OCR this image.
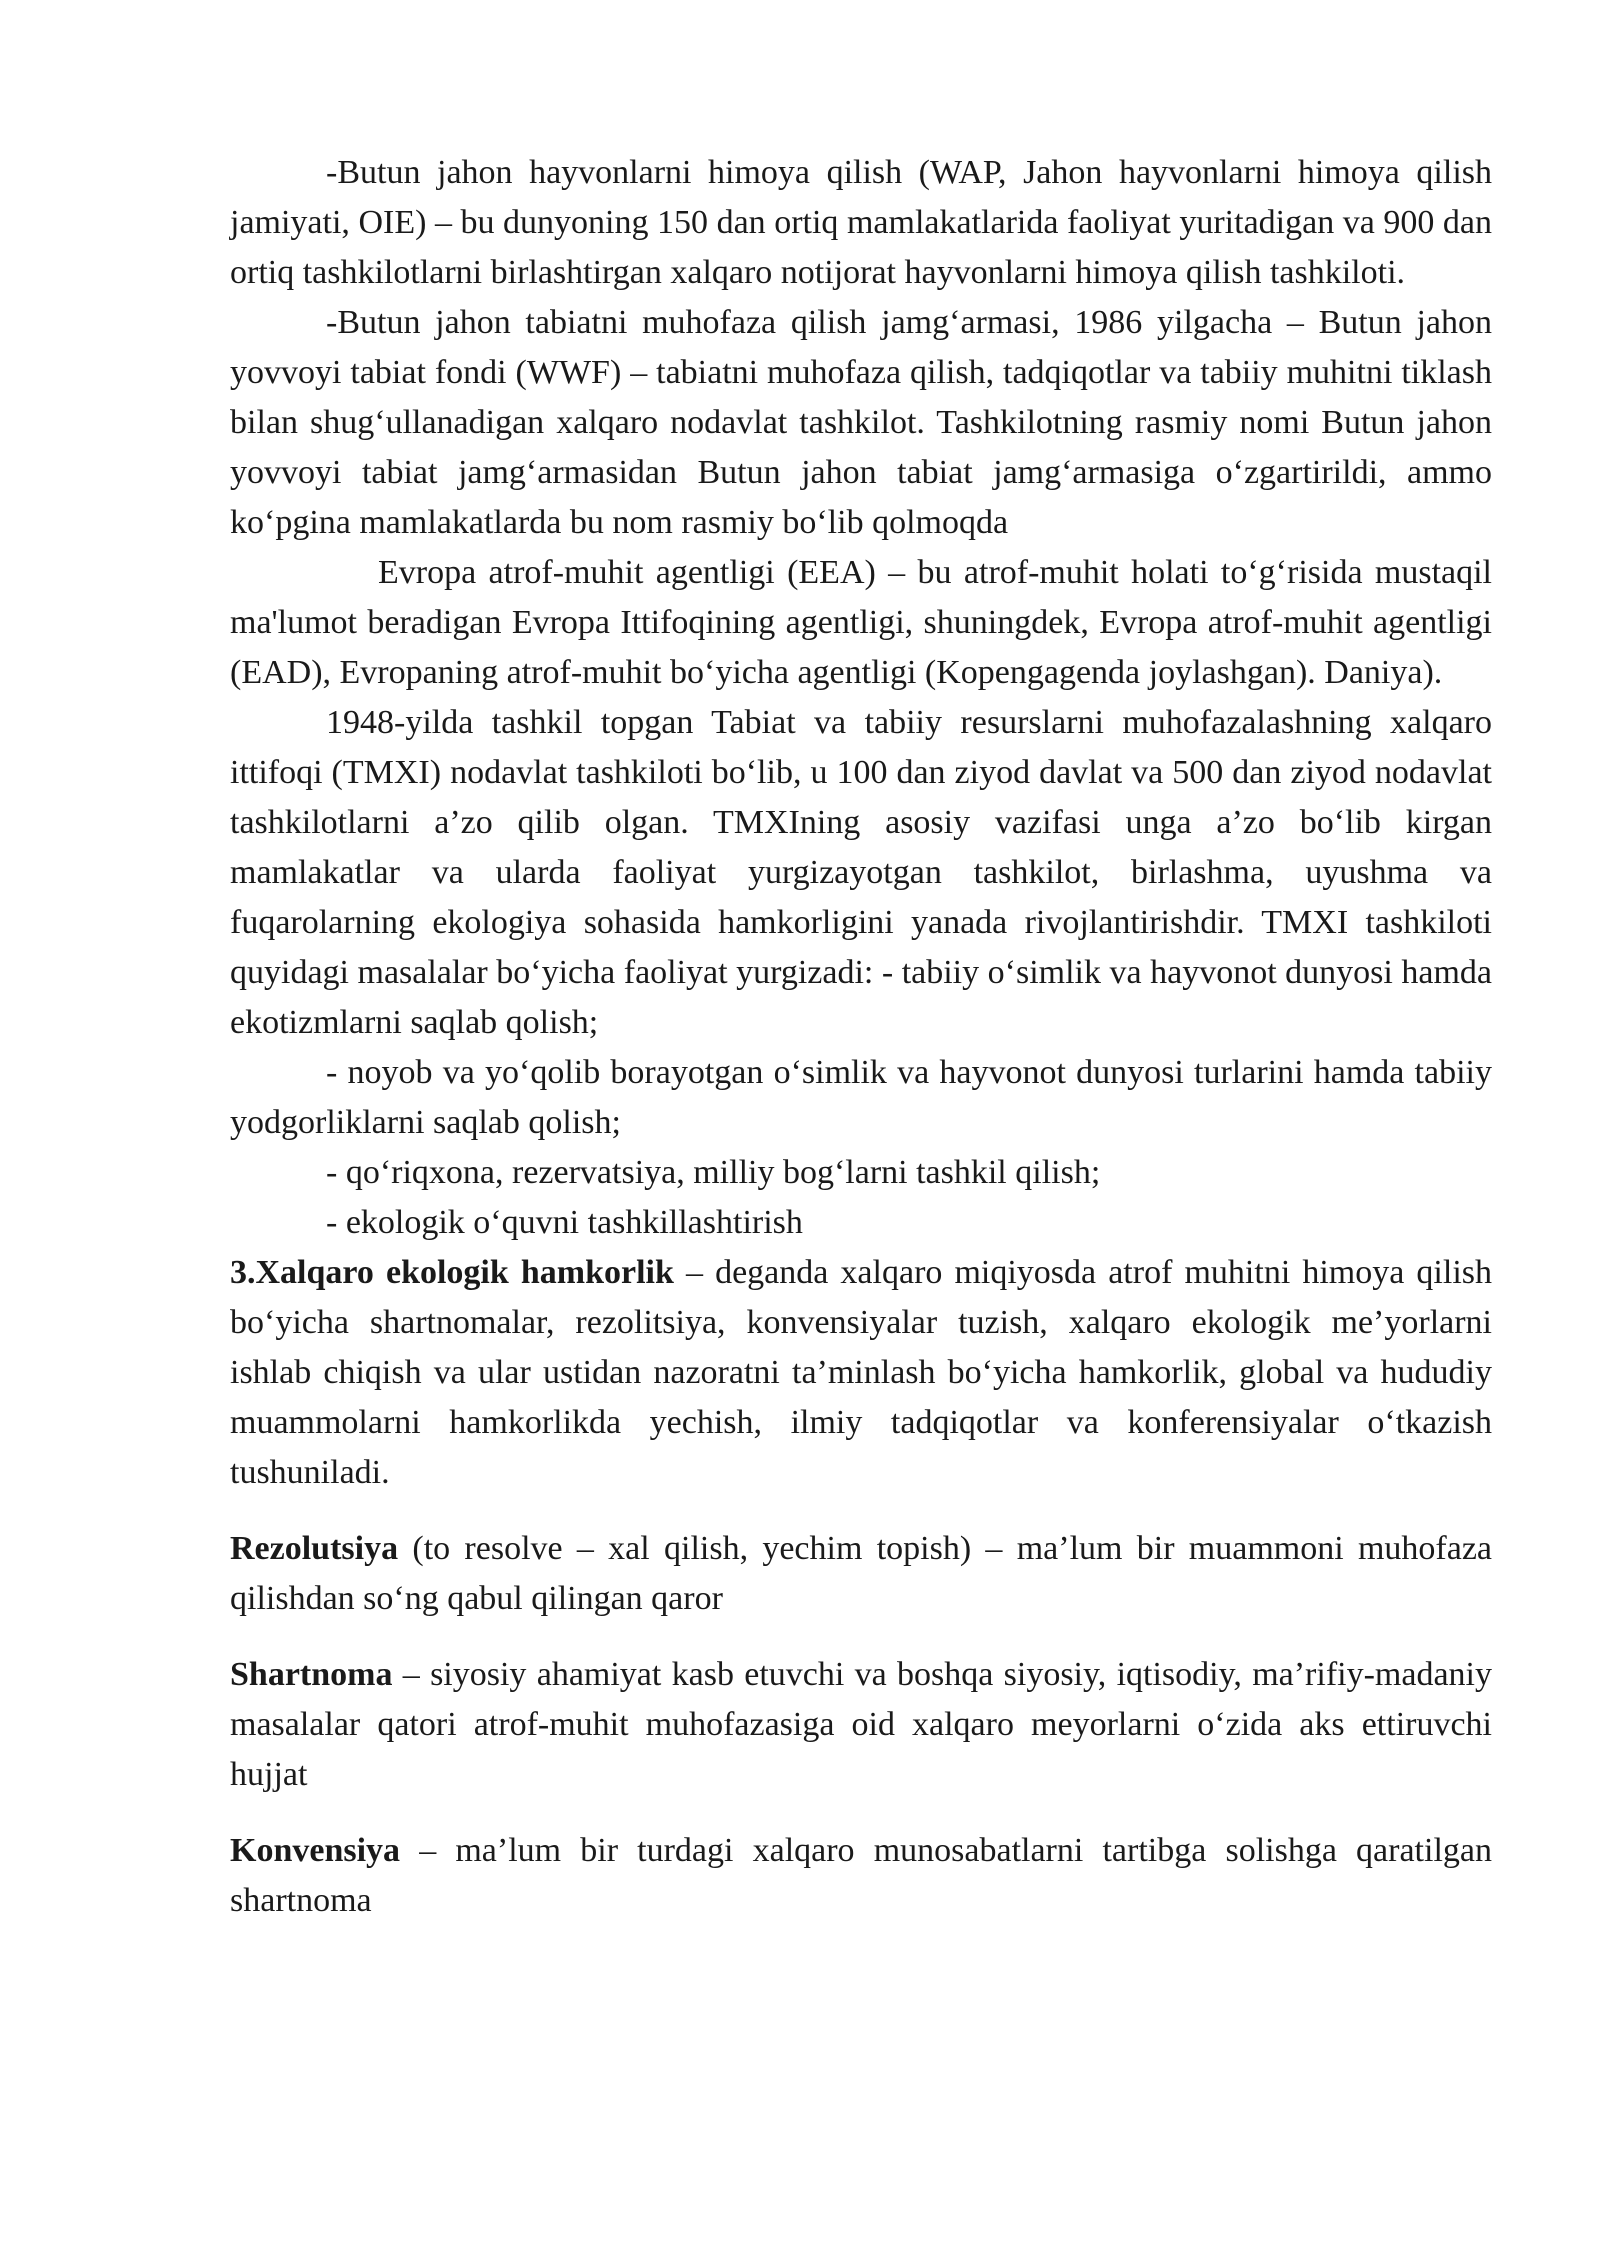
-Butun jahon hayvonlarni himoya qilish (WAP, Jahon hayvonlarni himoya qilish jamiyati, OIE) – bu dunyoning 150 dan ortiq mamlakatlarida faoliyat yuritadigan va 900 dan ortiq tashkilotlarni birlashtirgan xalqaro notijorat hayvonlarni himoya qilish tashkiloti.

-Butun jahon tabiatni muhofaza qilish jamgʻarmasi, 1986 yilgacha – Butun jahon yovvoyi tabiat fondi (WWF) – tabiatni muhofaza qilish, tadqiqotlar va tabiiy muhitni tiklash bilan shugʻullanadigan xalqaro nodavlat tashkilot. Tashkilotning rasmiy nomi Butun jahon yovvoyi tabiat jamgʻarmasidan Butun jahon tabiat jamgʻarmasiga oʻzgartirildi, ammo koʻpgina mamlakatlarda bu nom rasmiy boʻlib qolmoqda

Evropa atrof-muhit agentligi (EEA) – bu atrof-muhit holati toʻgʻrisida mustaqil ma'lumot beradigan Evropa Ittifoqining agentligi, shuningdek, Evropa atrof-muhit agentligi (EAD), Evropaning atrof-muhit boʻyicha agentligi (Kopengagenda joylashgan). Daniya).

1948-yilda tashkil topgan Tabiat va tabiiy resurslarni muhofazalashning xalqaro ittifoqi (TMXI) nodavlat tashkiloti boʻlib, u 100 dan ziyod davlat va 500 dan ziyod nodavlat tashkilotlarni a’zo qilib olgan. TMXIning asosiy vazifasi unga a’zo boʻlib kirgan mamlakatlar va ularda faoliyat yurgizayotgan tashkilot, birlashma, uyushma va fuqarolarning ekologiya sohasida hamkorligini yanada rivojlantirishdir. TMXI tashkiloti quyidagi masalalar boʻyicha faoliyat yurgizadi: - tabiiy oʻsimlik va hayvonot dunyosi hamda ekotizmlarni saqlab qolish;

- noyob va yoʻqolib borayotgan oʻsimlik va hayvonot dunyosi turlarini hamda tabiiy yodgorliklarni saqlab qolish;

- qoʻriqxona, rezervatsiya, milliy bogʻlarni tashkil qilish;

- ekologik oʻquvni tashkillashtirish

3.Xalqaro ekologik hamkorlik – deganda xalqaro miqiyosda atrof muhitni himoya qilish boʻyicha shartnomalar, rezolitsiya, konvensiyalar tuzish, xalqaro ekologik me’yorlarni ishlab chiqish va ular ustidan nazoratni ta’minlash boʻyicha hamkorlik, global va hududiy muammolarni hamkorlikda yechish, ilmiy tadqiqotlar va konferensiyalar oʻtkazish tushuniladi.

Rezolutsiya (to resolve – xal qilish, yechim topish) – ma’lum bir muammoni muhofaza qilishdan soʻng qabul qilingan qaror

Shartnoma – siyosiy ahamiyat kasb etuvchi va boshqa siyosiy, iqtisodiy, ma’rifiy-madaniy masalalar qatori atrof-muhit muhofazasiga oid xalqaro meyorlarni oʻzida aks ettiruvchi hujjat

Konvensiya – ma’lum bir turdagi xalqaro munosabatlarni tartibga solishga qaratilgan shartnoma
